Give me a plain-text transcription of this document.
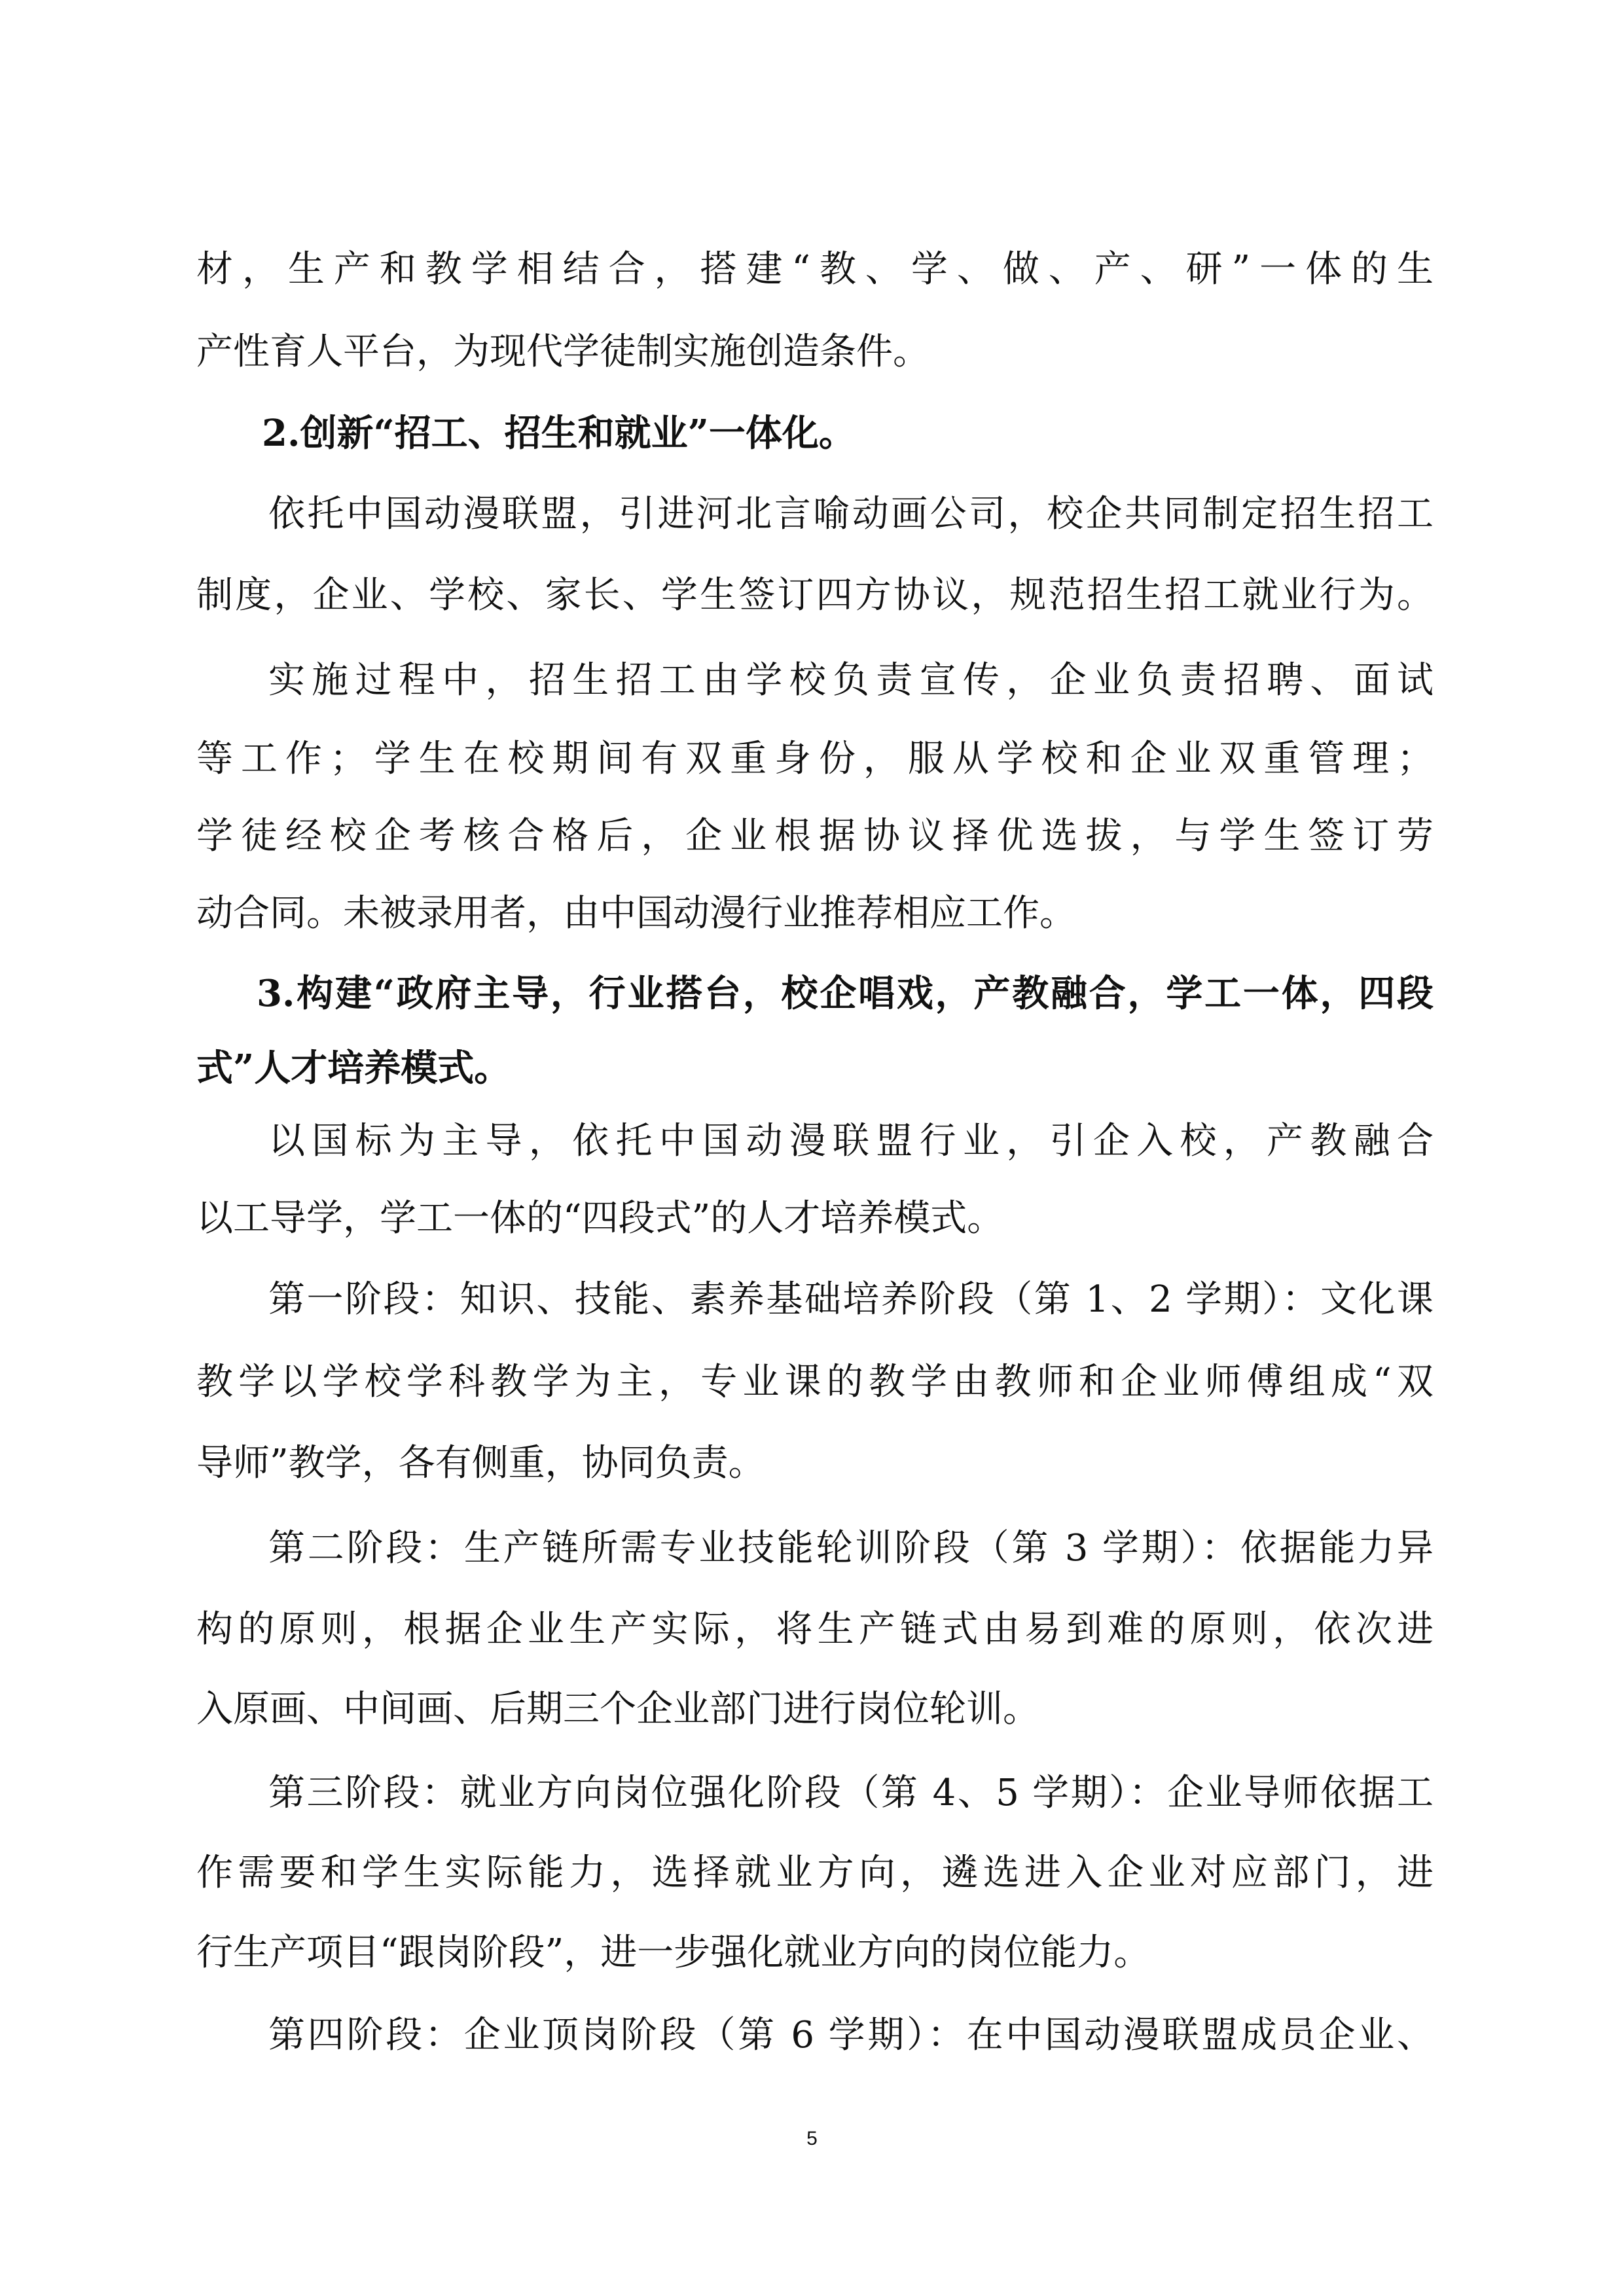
材，生产和教学相结合，搭建“教、学、做、产、研”一体的生
产性育人平台，为现代学徒制实施创造条件。
2.创新“招工、招生和就业”一体化。
依托中国动漫联盟，引进河北言喻动画公司，校企共同制定招生招工
制度，企业、学校、家长、学生签订四方协议，规范招生招工就业行为。
实施过程中，招生招工由学校负责宣传，企业负责招聘、面试
等工作；学生在校期间有双重身份，服从学校和企业双重管理；
学徒经校企考核合格后，企业根据协议择优选拔，与学生签订劳
动合同。未被录用者，由中国动漫行业推荐相应工作。
3.构建“政府主导，行业搭台，校企唱戏，产教融合，学工一体，四段
式”人才培养模式。
以国标为主导，依托中国动漫联盟行业，引企入校，产教融合
以工导学，学工一体的“四段式”的人才培养模式。
第一阶段：知识、技能、素养基础培养阶段（第 1、2 学期）：文化课
教学以学校学科教学为主，专业课的教学由教师和企业师傅组成“双
导师”教学，各有侧重，协同负责。
第二阶段：生产链所需专业技能轮训阶段（第 3 学期）：依据能力异
构的原则，根据企业生产实际，将生产链式由易到难的原则，依次进
入原画、中间画、后期三个企业部门进行岗位轮训。
第三阶段：就业方向岗位强化阶段（第 4、5 学期）：企业导师依据工
作需要和学生实际能力，选择就业方向，遴选进入企业对应部门，进
行生产项目“跟岗阶段”，进一步强化就业方向的岗位能力。
第四阶段：企业顶岗阶段（第 6 学期）：在中国动漫联盟成员企业、
5
